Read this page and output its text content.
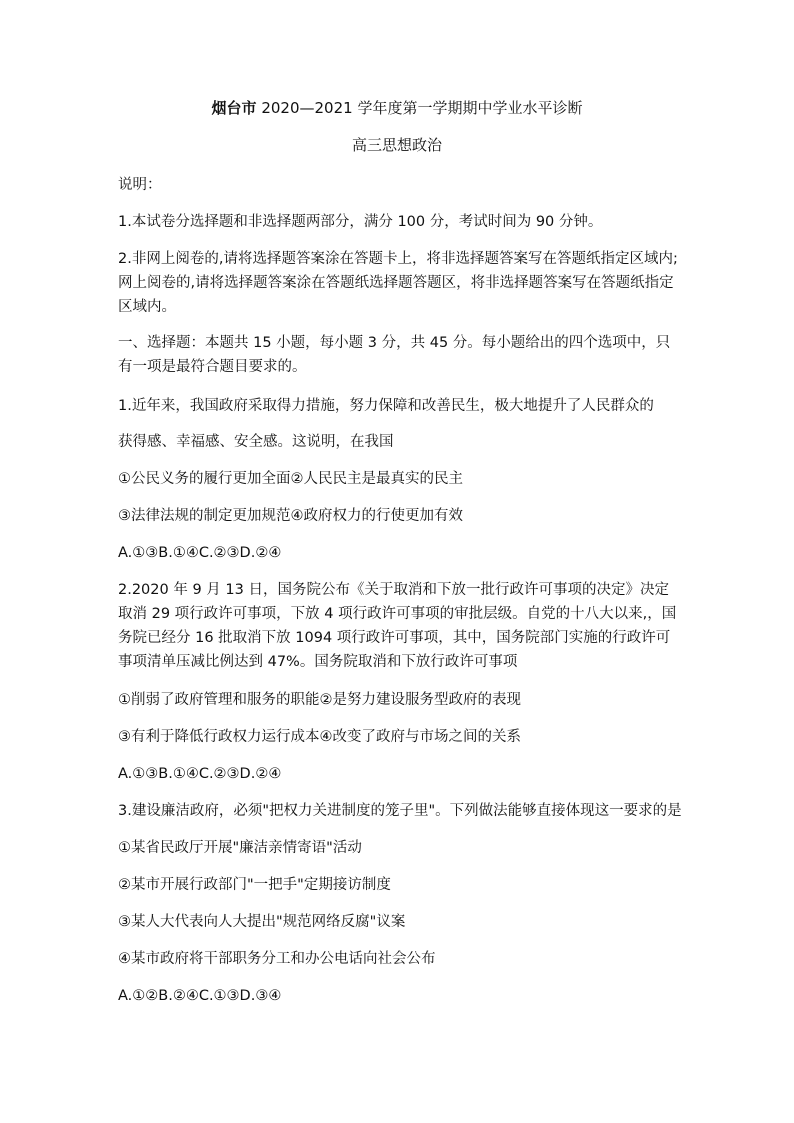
烟台市 2020—2021 学年度第一学期期中学业水平诊断
高三思想政治
说明：
1.本试卷分选择题和非选择题两部分，满分 100 分，考试时间为 90 分钟。
2.非网上阅卷的,请将选择题答案涂在答题卡上，将非选择题答案写在答题纸指定区域内;网上阅卷的,请将选择题答案涂在答题纸选择题答题区，将非选择题答案写在答题纸指定区域内。
一、选择题：本题共 15 小题，每小题 3 分，共 45 分。每小题给出的四个选项中，只有一项是最符合题目要求的。
1.近年来，我国政府采取得力措施，努力保障和改善民生，极大地提升了人民群众的
获得感、幸福感、安全感。这说明，在我国
①公民义务的履行更加全面②人民民主是最真实的民主
③法律法规的制定更加规范④政府权力的行使更加有效
A.①③B.①④C.②③D.②④
2.2020 年 9 月 13 日，国务院公布《关于取消和下放一批行政许可事项的决定》决定取消 29 项行政许可事项，下放 4 项行政许可事项的审批层级。自党的十八大以来,，国务院已经分 16 批取消下放 1094 项行政许可事项，其中，国务院部门实施的行政许可事项清单压减比例达到 47%。国务院取消和下放行政许可事项
①削弱了政府管理和服务的职能②是努力建设服务型政府的表现
③有利于降低行政权力运行成本④改变了政府与市场之间的关系
A.①③B.①④C.②③D.②④
3.建设廉洁政府，必须"把权力关进制度的笼子里"。下列做法能够直接体现这一要求的是
①某省民政厅开展"廉洁亲情寄语"活动
②某市开展行政部门"一把手"定期接访制度
③某人大代表向人大提出"规范网络反腐"议案
④某市政府将干部职务分工和办公电话向社会公布
A.①②B.②④C.①③D.③④
